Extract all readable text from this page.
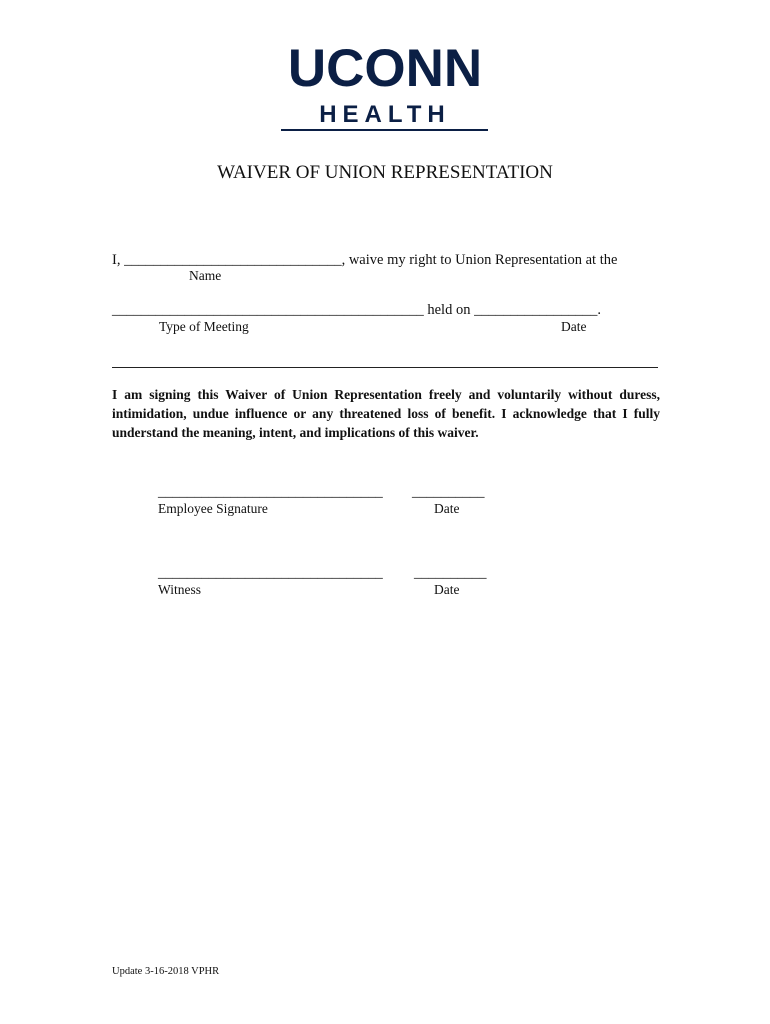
UCONN
HEALTH
WAIVER OF UNION REPRESENTATION
I, ______________________________, waive my right to Union Representation at the
Name
___________________________________________ held on _________________.
Type of Meeting	Date
I am signing this Waiver of Union Representation freely and voluntarily without duress, intimidation, undue influence or any threatened loss of benefit. I acknowledge that I fully understand the meaning, intent, and implications of this waiver.
_______________________________ __________
Employee Signature	Date
_______________________________ __________
Witness	Date
Update 3-16-2018 VPHR
